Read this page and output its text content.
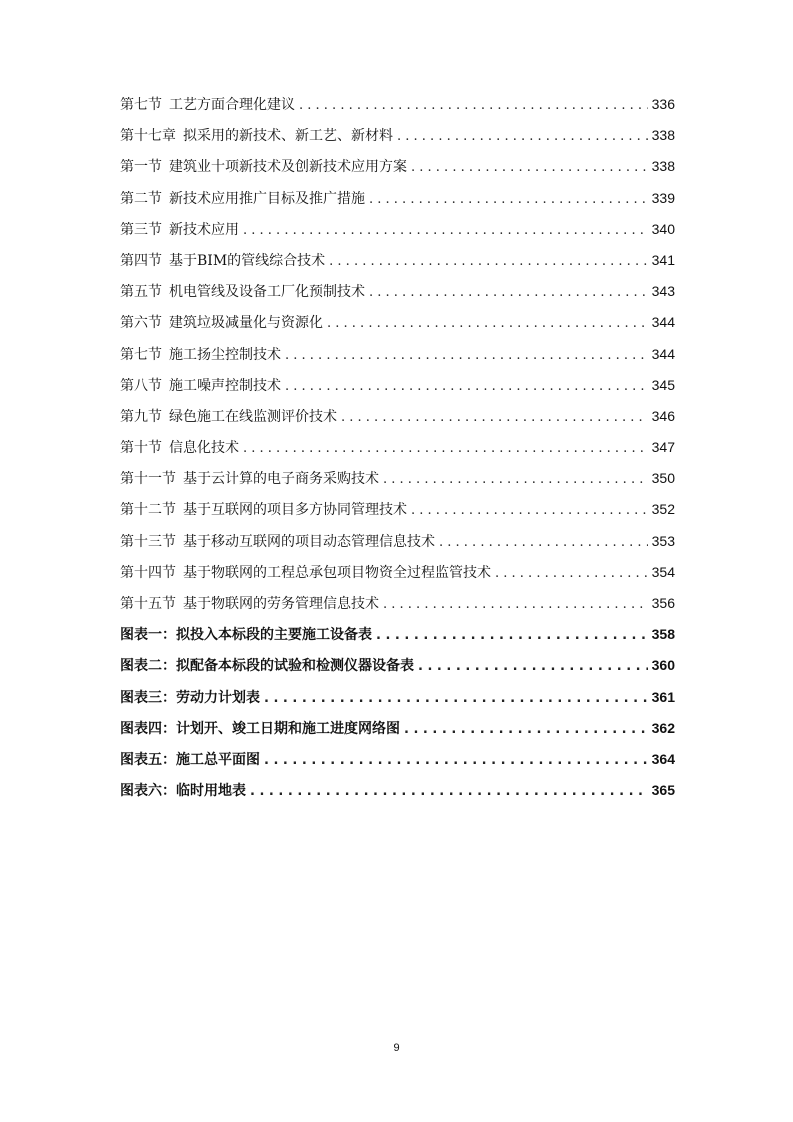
第七节 工艺方面合理化建议 . . .	336
第十七章 拟采用的新技术、新工艺、新材料 . . .	338
第一节 建筑业十项新技术及创新技术应用方案 . . .	338
第二节 新技术应用推广目标及推广措施 . . .	339
第三节 新技术应用 . . .	340
第四节 基于BIM的管线综合技术 . . .	341
第五节 机电管线及设备工厂化预制技术 . . .	343
第六节 建筑垃圾减量化与资源化 . . .	344
第七节 施工扬尘控制技术 . . .	344
第八节 施工噪声控制技术 . . .	345
第九节 绿色施工在线监测评价技术 . . .	346
第十节 信息化技术 . . .	347
第十一节 基于云计算的电子商务采购技术 . . .	350
第十二节 基于互联网的项目多方协同管理技术 . . .	352
第十三节 基于移动互联网的项目动态管理信息技术 . . .	353
第十四节 基于物联网的工程总承包项目物资全过程监管技术 . . .	354
第十五节 基于物联网的劳务管理信息技术 . . .	356
图表一：拟投入本标段的主要施工设备表 . . .	358
图表二：拟配备本标段的试验和检测仪器设备表 . . .	360
图表三：劳动力计划表 . . .	361
图表四：计划开、竣工日期和施工进度网络图 . . .	362
图表五：施工总平面图 . . .	364
图表六：临时用地表 . . .	365
9
